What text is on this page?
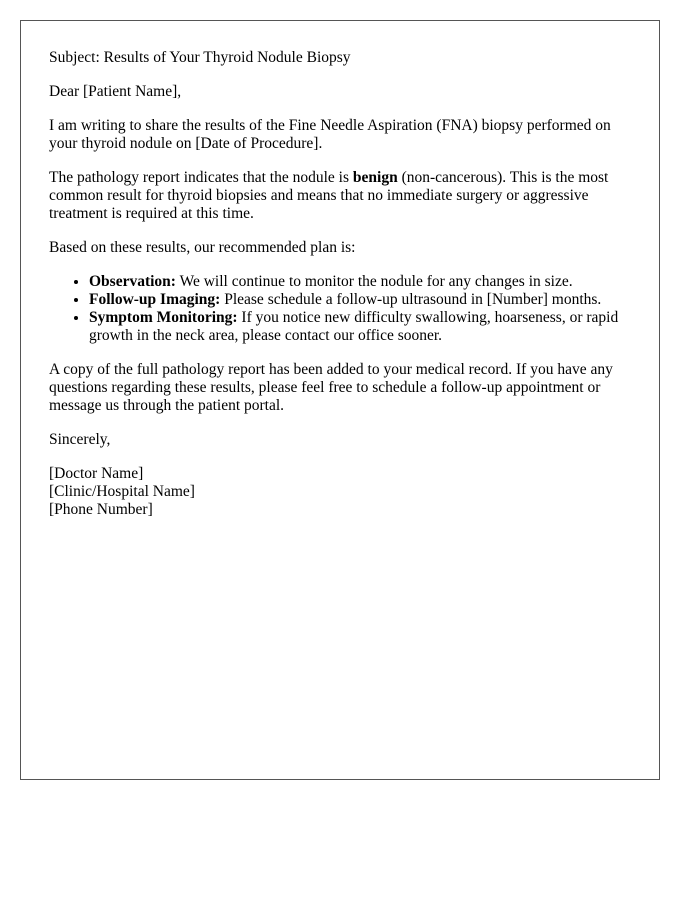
Subject: Results of Your Thyroid Nodule Biopsy

Dear [Patient Name],

I am writing to share the results of the Fine Needle Aspiration (FNA) biopsy performed on your thyroid nodule on [Date of Procedure].

The pathology report indicates that the nodule is benign (non-cancerous). This is the most common result for thyroid biopsies and means that no immediate surgery or aggressive treatment is required at this time.

Based on these results, our recommended plan is:

• Observation: We will continue to monitor the nodule for any changes in size.
• Follow-up Imaging: Please schedule a follow-up ultrasound in [Number] months.
• Symptom Monitoring: If you notice new difficulty swallowing, hoarseness, or rapid growth in the neck area, please contact our office sooner.

A copy of the full pathology report has been added to your medical record. If you have any questions regarding these results, please feel free to schedule a follow-up appointment or message us through the patient portal.

Sincerely,

[Doctor Name]
[Clinic/Hospital Name]
[Phone Number]
